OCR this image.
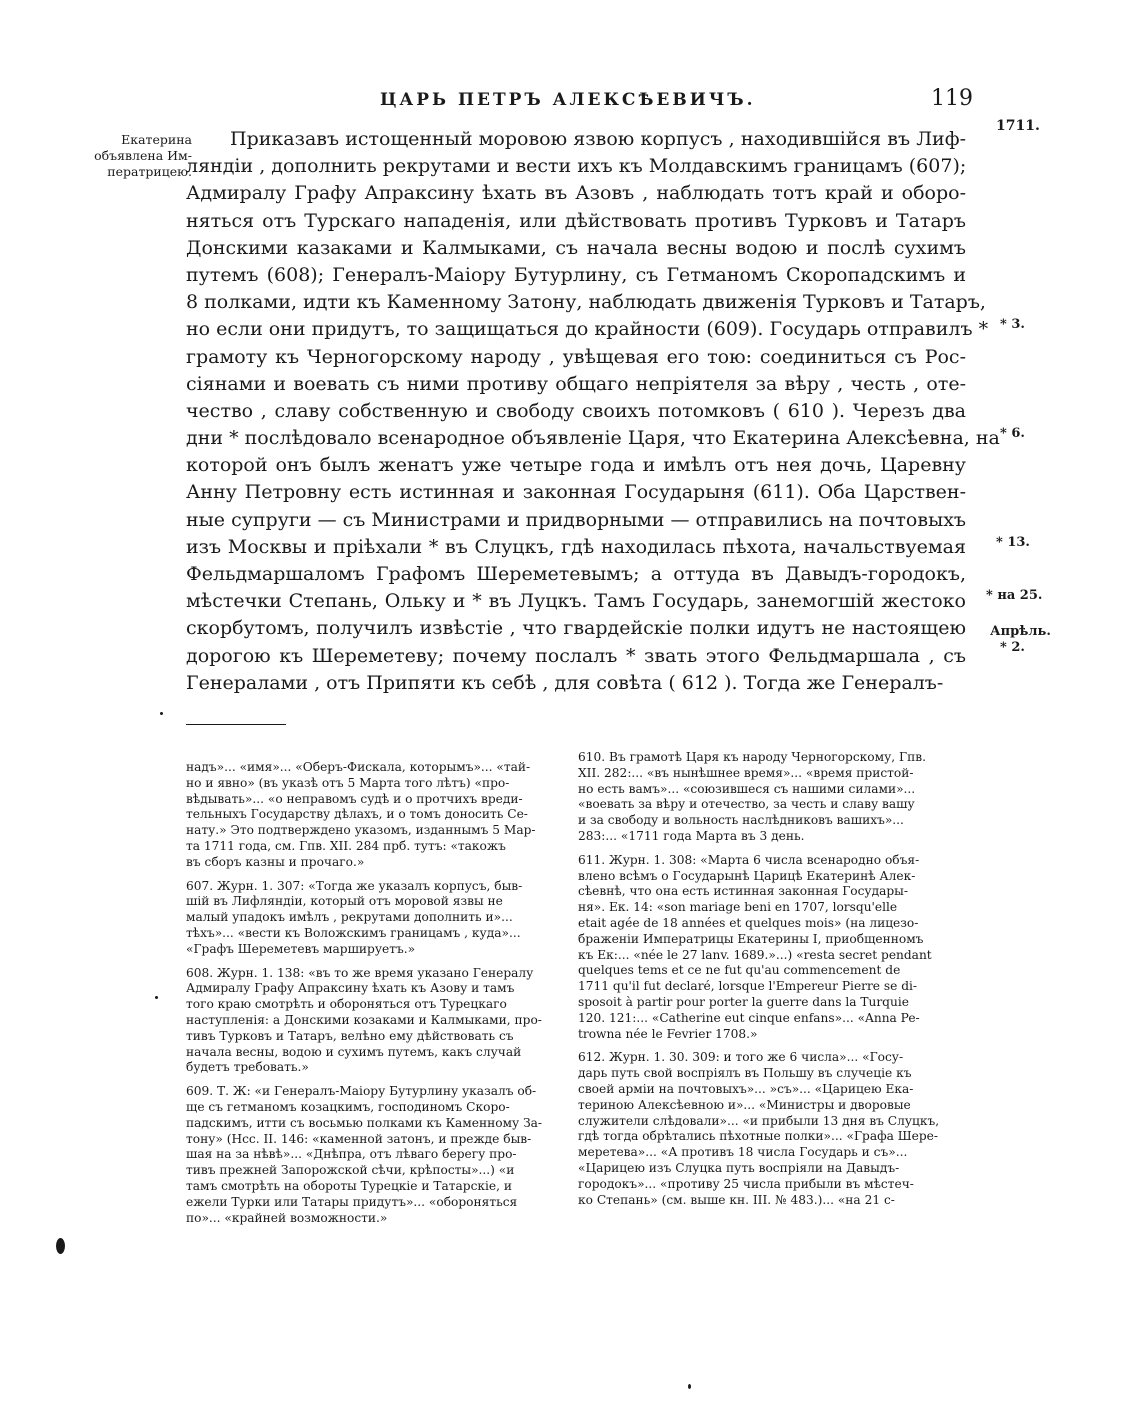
ЦАРЬ ПЕТРЪ АЛЕКСѢЕВИЧЪ.	119
1711.
Екатерина
объявлена Им-
ператрицею.
Приказавъ истощенный моровою язвою корпусъ , находившійся въ Лиф-
ляндіи , дополнить рекрутами и вести ихъ къ Молдавскимъ границамъ (607);
Адмиралу Графу Апраксину ѣхать въ Азовъ , наблюдать тотъ край и оборо-
няться отъ Турскаго нападенія, или дѣйствовать противъ Турковъ и Татаръ
Донскими казаками и Калмыками, съ начала весны водою и послѣ сухимъ
путемъ (608); Генералъ-Маіору Бутурлину, съ Гетманомъ Скоропадскимъ и
8 полками, идти къ Каменному Затону, наблюдать движенія Турковъ и Татаръ,
но если они придутъ, то защищаться до крайности (609). Государь отправилъ *
грамоту къ Черногорскому народу , увѣщевая его тою: соединиться съ Рос-
сіянами и воевать съ ними противу общаго непріятеля за вѣру , честь , оте-
чество , славу собственную и свободу своихъ потомковъ ( 610 ). Черезъ два
дни * послѣдовало всенародное объявленіе Царя, что Екатерина Алексѣевна, на
которой онъ былъ женатъ уже четыре года и имѣлъ отъ нея дочь, Царевну
Анну Петровну есть истинная и законная Государыня (611). Оба Царствен-
ные супруги — съ Министрами и придворными — отправились на почтовыхъ
изъ Москвы и пріѣхали * въ Слуцкъ, гдѣ находилась пѣхота, начальствуемая
Фельдмаршаломъ Графомъ Шереметевымъ; а оттуда въ Давыдъ-городокъ,
мѣстечки Степань, Ольку и * въ Луцкъ. Тамъ Государь, занемогшій жестоко
скорбутомъ, получилъ извѣстіе , что гвардейскіе полки идутъ не настоящею
дорогою къ Шереметеву; почему послалъ * звать этого Фельдмаршала , съ
Генералами , отъ Припяти къ себѣ , для совѣта ( 612 ). Тогда же Генералъ-
* 3.
* 6.
* 13.
* на 25.
Апрѣль.
* 2.
надъ»... «имя»... «Оберъ-Фискала, которымъ»... «тай-
но и явно» (въ указѣ отъ 5 Марта того лѣтъ) «про-
вѣдывать»... «о неправомъ судѣ и о протчихъ вреди-
тельныхъ Государству дѣлахъ, и о томъ доносить Се-
нату.» Это подтверждено указомъ, изданнымъ 5 Мар-
та 1711 года, см. Гпв. XII. 284 прб. тутъ: «такожъ
въ сборъ казны и прочаго.»
607. Журн. 1. 307: «Тогда же указалъ корпусъ, быв-
шій въ Лифляндіи, который отъ моровой язвы не
малый упадокъ имѣлъ , рекрутами дополнить и»...
тѣхъ»... «вести къ Воложскимъ границамъ , куда»...
«Графъ Шереметевъ маршируетъ.»
608. Журн. 1. 138: «въ то же время указано Генералу
Адмиралу Графу Апраксину ѣхать къ Азову и тамъ
того краю смотрѣть и обороняться отъ Турецкаго
наступленія: а Донскими козаками и Калмыками, про-
тивъ Турковъ и Татаръ, велѣно ему дѣйствовать съ
начала весны, водою и сухимъ путемъ, какъ случай
будетъ требовать.»
609. Т. Ж: «и Генералъ-Маіору Бутурлину указалъ об-
ще съ гетманомъ козацкимъ, господиномъ Скоро-
падскимъ, итти съ восьмью полками къ Каменному За-
тону» (Нсс. II. 146: «каменной затонъ, и прежде быв-
шая на за нѣвѣ»... «Днѣпра, отъ лѣваго берегу про-
тивъ прежней Запорожской сѣчи, крѣпосты»...) «и
тамъ смотрѣть на обороты Турецкіе и Татарскіе, и
ежели Турки или Татары придутъ»... «обороняться
по»... «крайней возможности.»
610. Въ грамотѣ Царя къ народу Черногорскому, Гпв.
XII. 282:... «въ нынѣшнее время»... «время пристой-
но есть вамъ»... «союзившеся съ нашими силами»...
«воевать за вѣру и отечество, за честь и славу вашу
и за свободу и вольность наслѣдниковъ вашихъ»...
283:... «1711 года Марта въ 3 день.
611. Журн. 1. 308: «Марта 6 числа всенародно объя-
влено всѣмъ о Государынѣ Царицѣ Екатеринѣ Алек-
сѣевнѣ, что она есть истинная законная Государы-
ня». Ек. 14: «son mariage beni en 1707, lorsqu'elle
etait agée de 18 années et quelques mois» (на лицезо-
браженіи Императрицы Екатерины I, приобщенномъ
къ Ек:... «née le 27 lanv. 1689.»...) «resta secret pendant
quelques tems et ce ne fut qu'au commencement de
1711 qu'il fut declaré, lorsque l'Empereur Pierre se di-
sposoit à partir pour porter la guerre dans la Turquie
120. 121:... «Catherine eut cinque enfans»... «Anna Pe-
trowna née le Fevrier 1708.»
612. Журн. 1. 30. 309: и того же 6 числа»... «Госу-
дарь путь свой воспріялъ въ Польшу въ случеціе къ
своей арміи на почтовыхъ»... »съ»... «Царицею Ека-
териною Алексѣевною и»... «Министры и дворовые
служители слѣдовали»... «и прибыли 13 дня въ Слуцкъ,
гдѣ тогда обрѣтались пѣхотные полки»... «Графа Шере-
меретева»... «А противъ 18 числа Государь и съ»...
«Царицею изъ Слуцка путь воспріяли на Давыдъ-
городокъ»... «противу 25 числа прибыли въ мѣстеч-
ко Степань» (см. выше кн. III. № 483.)... «на 21 с-
